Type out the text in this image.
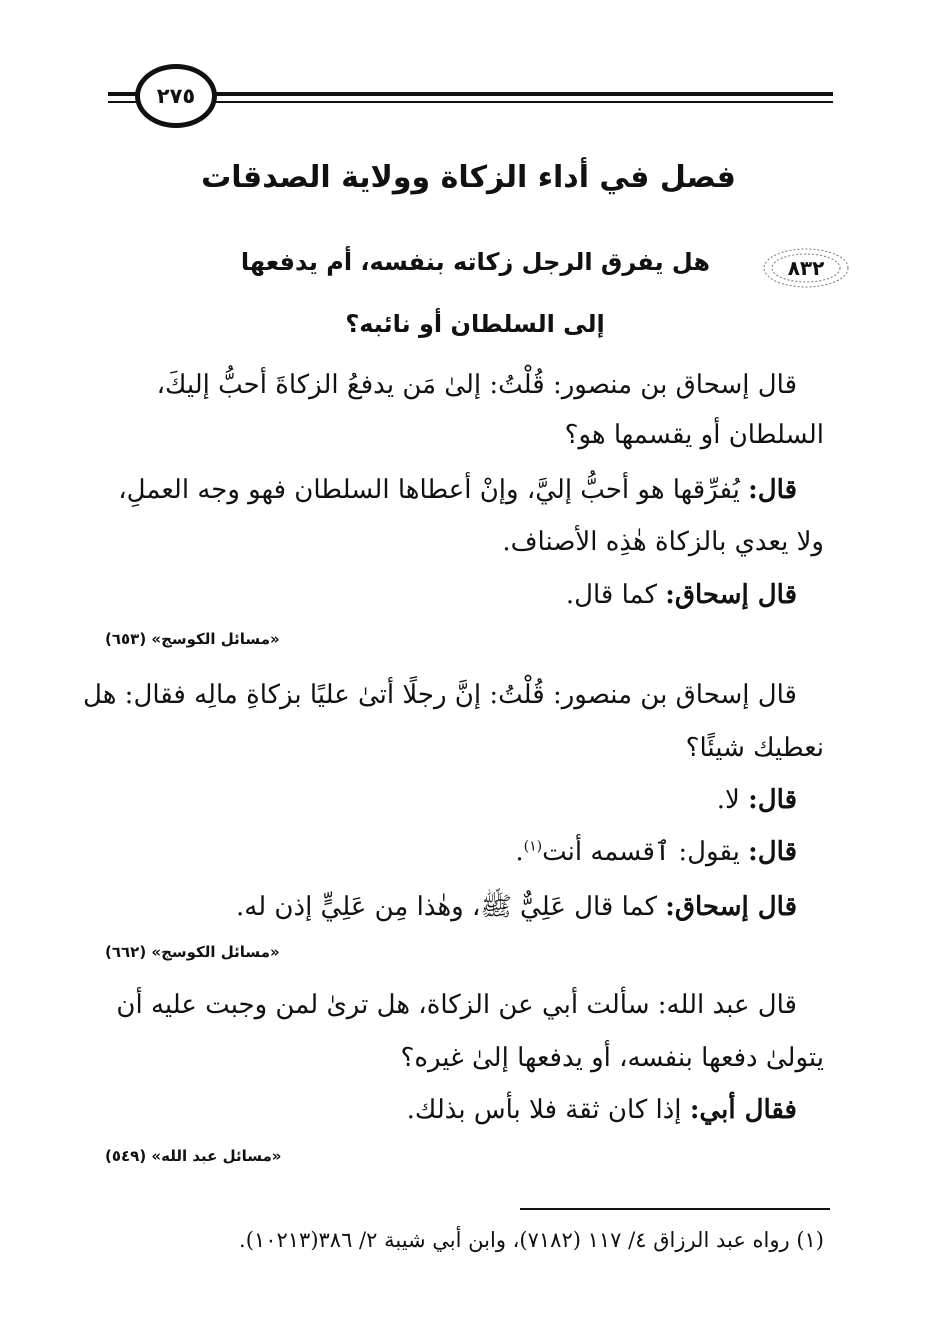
٢٧٥
فصل في أداء الزكاة وولاية الصدقات
٨٣٢
هل يفرق الرجل زكاته بنفسه، أم يدفعها
إلى السلطان أو نائبه؟
قال إسحاق بن منصور: قُلْتُ: إلىٰ مَن يدفعُ الزكاةَ أحبُّ إليكَ،
السلطان أو يقسمها هو؟
قال: يُفرِّقها هو أحبُّ إليَّ، وإنْ أعطاها السلطان فهو وجه العملِ،
ولا يعدي بالزكاة هٰذِه الأصناف.
قال إسحاق: كما قال.
«مسائل الكوسج» (٦٥٣)
قال إسحاق بن منصور: قُلْتُ: إنَّ رجلًا أتىٰ عليًا بزكاةِ مالِه فقال: هل
نعطيك شيئًا؟
قال: لا.
قال: يقول: ٱقسمه أنت$^{(١)}$.
قال إسحاق: كما قال عَلِيٌّ ﷺ، وهٰذا مِن عَلِيٍّ إذن له.
«مسائل الكوسج» (٦٦٢)
قال عبد الله: سألت أبي عن الزكاة، هل ترىٰ لمن وجبت عليه أن
يتولىٰ دفعها بنفسه، أو يدفعها إلىٰ غيره؟
فقال أبي: إذا كان ثقة فلا بأس بذلك.
«مسائل عبد الله» (٥٤٩)
(١) رواه عبد الرزاق ٤/ ١١٧ (٧١٨٢)، وابن أبي شيبة ٢/ ٣٨٦(١٠٢١٣).
